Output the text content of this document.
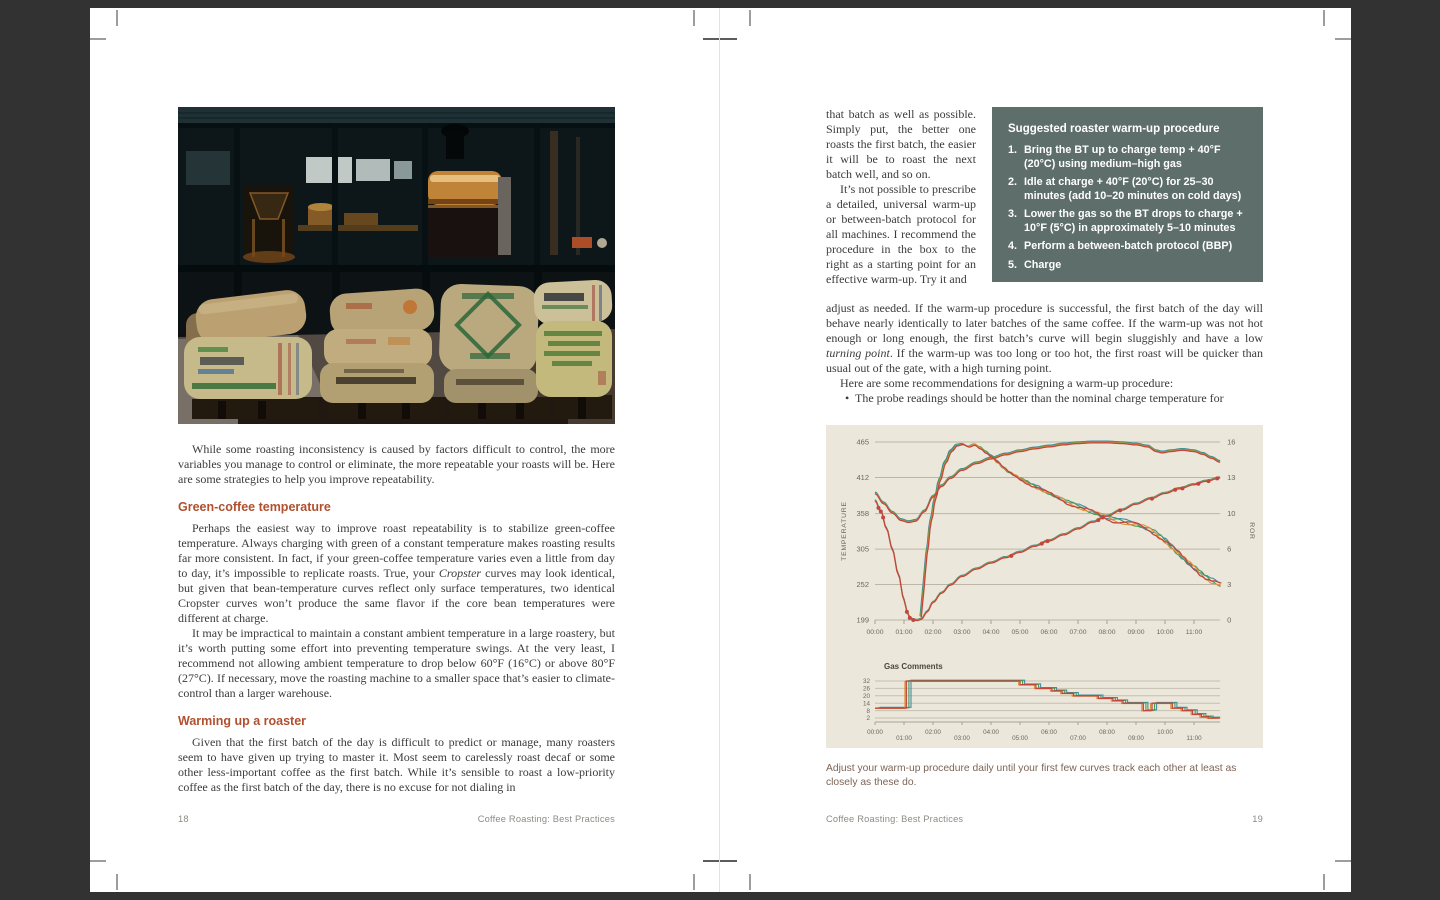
While some roasting inconsistency is caused by factors difficult to control, the more variables you manage to control or eliminate, the more repeatable your roasts will be. Here are some strategies to help you improve repeatability.

Green-coffee temperature

Perhaps the easiest way to improve roast repeatability is to stabilize green-coffee temperature. Always charging with green of a constant temperature makes roasting results far more consistent. In fact, if your green-coffee temperature varies even a little from day to day, it’s impossible to replicate roasts. True, your Cropster curves may look identical, but given that bean-temperature curves reflect only surface temperatures, two identical Cropster curves won’t produce the same flavor if the core bean temperatures were different at charge.

It may be impractical to maintain a constant ambient temperature in a large roastery, but it’s worth putting some effort into preventing temperature swings. At the very least, I recommend not allowing ambient temperature to drop below 60°F (16°C) or above 80°F (27°C). If necessary, move the roasting machine to a smaller space that’s easier to climate-control than a larger warehouse.

Warming up a roaster

Given that the first batch of the day is difficult to predict or manage, many roasters seem to have given up trying to master it. Most seem to carelessly roast decaf or some other less-important coffee as the first batch. While it’s sensible to roast a low-priority coffee as the first batch of the day, there is no excuse for not dialing in

18	Coffee Roasting: Best Practices

that batch as well as possible. Simply put, the better one roasts the first batch, the easier it will be to roast the next batch well, and so on.

It’s not possible to prescribe a detailed, universal warm-up or between-batch protocol for all machines. I recommend the procedure in the box to the right as a starting point for an effective warm-up. Try it and

Suggested roaster warm-up procedure
1. Bring the BT up to charge temp + 40°F (20°C) using medium–high gas
2. Idle at charge + 40°F (20°C) for 25–30 minutes (add 10–20 minutes on cold days)
3. Lower the gas so the BT drops to charge + 10°F (5°C) in approximately 5–10 minutes
4. Perform a between-batch protocol (BBP)
5. Charge

adjust as needed. If the warm-up procedure is successful, the first batch of the day will behave nearly identically to later batches of the same coffee. If the warm-up was not hot enough or long enough, the first batch’s curve will begin sluggishly and have a low turning point. If the warm-up was too long or too hot, the first roast will be quicker than usual out of the gate, with a high turning point.

Here are some recommendations for designing a warm-up procedure:

• The probe readings should be hotter than the nominal charge temperature for

465	16
412	13
358	10
305	6
252	3
199	0
00:00 01:00 02:00 03:00 04:00 05:00 06:00 07:00 08:00 09:00 10:00 11:00
TEMPERATURE	ROR
Gas Comments
32
26
20
14
8
2
00:00
01:00
02:00
03:00
04:00
05:00
06:00
07:00
08:00
09:00
10:00
11:00
Adjust your warm-up procedure daily until your first few curves track each other at least as closely as these do.
Coffee Roasting: Best Practices	19
